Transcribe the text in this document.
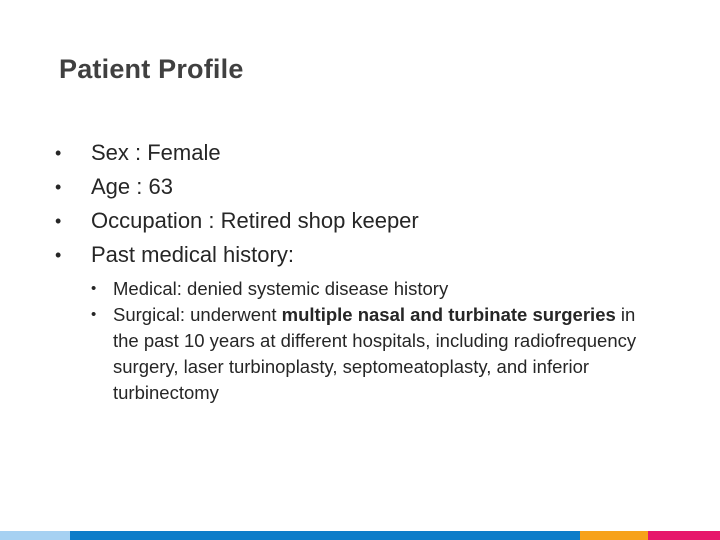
Patient Profile
• Sex : Female
• Age : 63
• Occupation : Retired shop keeper
• Past medical history:
• Medical: denied systemic disease history
• Surgical: underwent multiple nasal and turbinate surgeries in the past 10 years at different hospitals, including radiofrequency surgery, laser turbinoplasty, septomeatoplasty, and inferior turbinectomy
